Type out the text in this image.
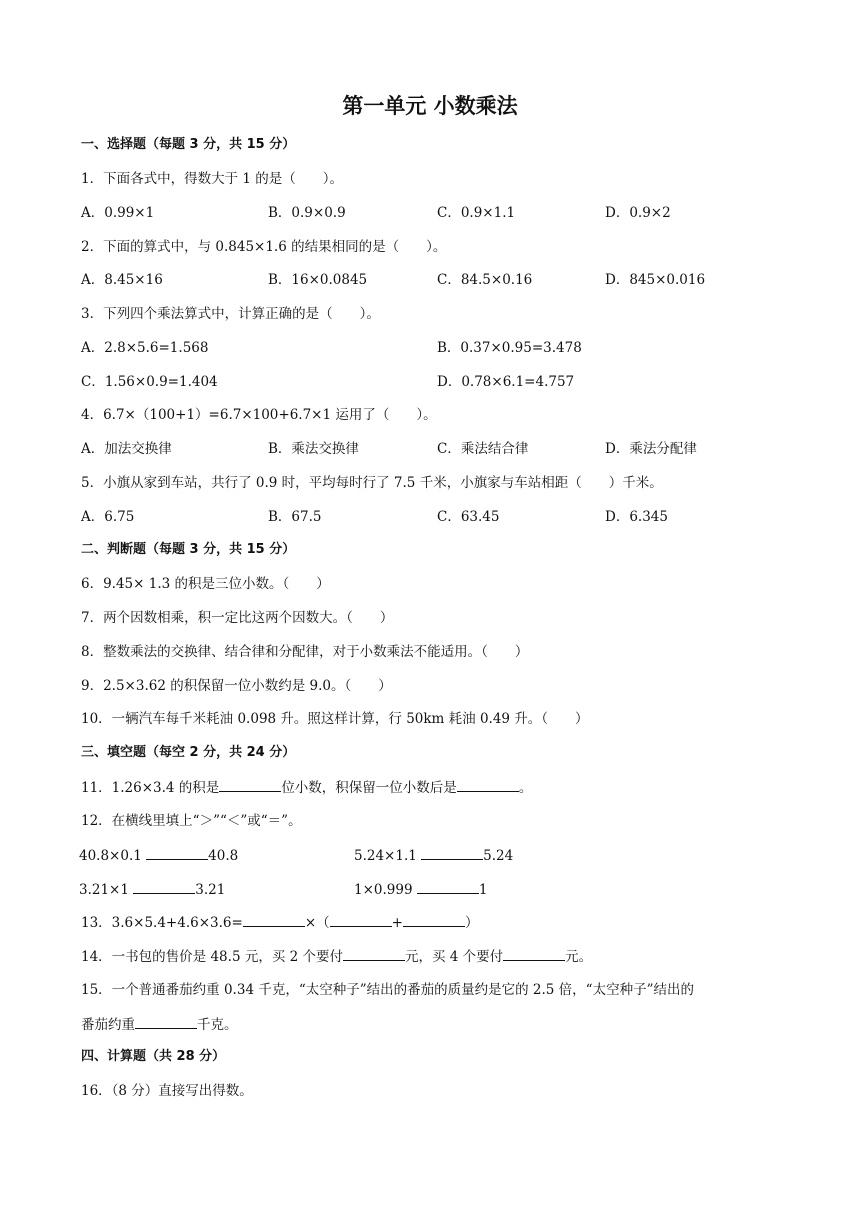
第一单元 小数乘法
一、选择题（每题 3 分，共 15 分）
1．下面各式中，得数大于 1 的是（　　）。
A．0.99×1	B．0.9×0.9	C．0.9×1.1	D．0.9×2
2．下面的算式中，与 0.845×1.6 的结果相同的是（　　）。
A．8.45×16	B．16×0.0845	C．84.5×0.16	D．845×0.016
3．下列四个乘法算式中，计算正确的是（　　）。
A．2.8×5.6=1.568	B．0.37×0.95=3.478
C．1.56×0.9=1.404	D．0.78×6.1=4.757
4．6.7×（100+1）=6.7×100+6.7×1 运用了（　　）。
A．加法交换律	B．乘法交换律	C．乘法结合律	D．乘法分配律
5．小旗从家到车站，共行了 0.9 时，平均每时行了 7.5 千米，小旗家与车站相距（　　）千米。
A．6.75	B．67.5	C．63.45	D．6.345
二、判断题（每题 3 分，共 15 分）
6．9.45× 1.3 的积是三位小数。（　　）
7．两个因数相乘，积一定比这两个因数大。（　　）
8．整数乘法的交换律、结合律和分配律，对于小数乘法不能适用。（　　）
9．2.5×3.62 的积保留一位小数约是 9.0。（　　）
10．一辆汽车每千米耗油 0.098 升。照这样计算，行 50km 耗油 0.49 升。（　　）
三、填空题（每空 2 分，共 24 分）
11．1.26×3.4 的积是	位小数，积保留一位小数后是	。
12．在横线里填上“＞”“＜”或“＝”。
40.8×0.1	40.8	5.24×1.1	5.24
3.21×1	3.21	1×0.999	1
13．3.6×5.4+4.6×3.6=	×（	+	）
14．一书包的售价是 48.5 元，买 2 个要付	元，买 4 个要付	元。
15．一个普通番茄约重 0.34 千克，“太空种子”结出的番茄的质量约是它的 2.5 倍，“太空种子”结出的
番茄约重	千克。
四、计算题（共 28 分）
16．（8 分）直接写出得数。
